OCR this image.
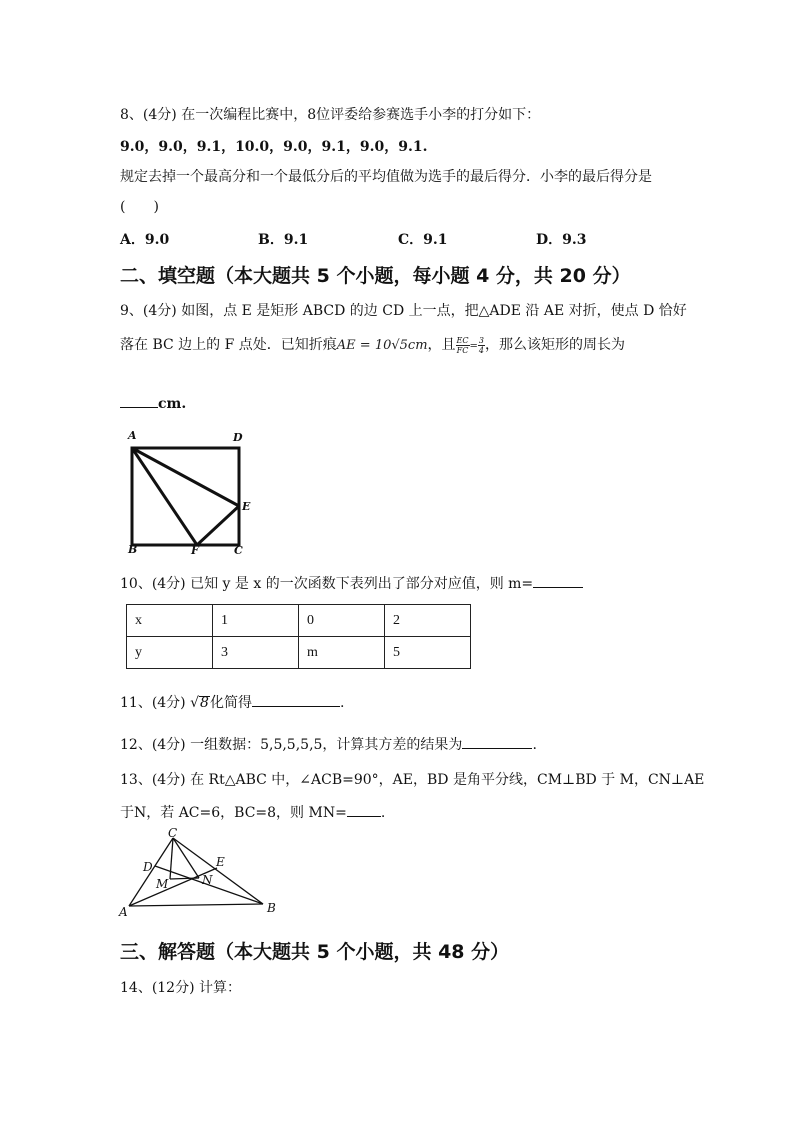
8、(4分) 在一次编程比赛中，8位评委给参赛选手小李的打分如下：
9.0，9.0，9.1，10.0，9.0，9.1，9.0，9.1.
规定去掉一个最高分和一个最低分后的平均值做为选手的最后得分．小李的最后得分是
(　　)
A．9.0	B．9.1	C．9.1	D．9.3
二、填空题（本大题共 5 个小题，每小题 4 分，共 20 分）
9、(4分) 如图，点 E 是矩形 ABCD 的边 CD 上一点，把△ADE 沿 AE 对折，使点 D 恰好
落在 BC 边上的 F 点处．已知折痕AE = 10√5cm，且 $\frac{EC}{FC} = \frac{3}{4}$ ，那么该矩形的周长为
cm.
A	D
E
B	F	C
10、(4分) 已知 y 是 x 的一次函数下表列出了部分对应值，则 m=
x	1	0	2
y	3	m	5
11、(4分) √8化简得	.
12、(4分) 一组数据：5,5,5,5,5，计算其方差的结果为	.
13、(4分) 在 Rt△ABC 中，∠ACB=90°，AE，BD 是角平分线，CM⊥BD 于 M，CN⊥AE
于N，若 AC=6，BC=8，则 MN= .
C
D	E
M	N
A	B
三、解答题（本大题共 5 个小题，共 48 分）
14、(12分) 计算：
